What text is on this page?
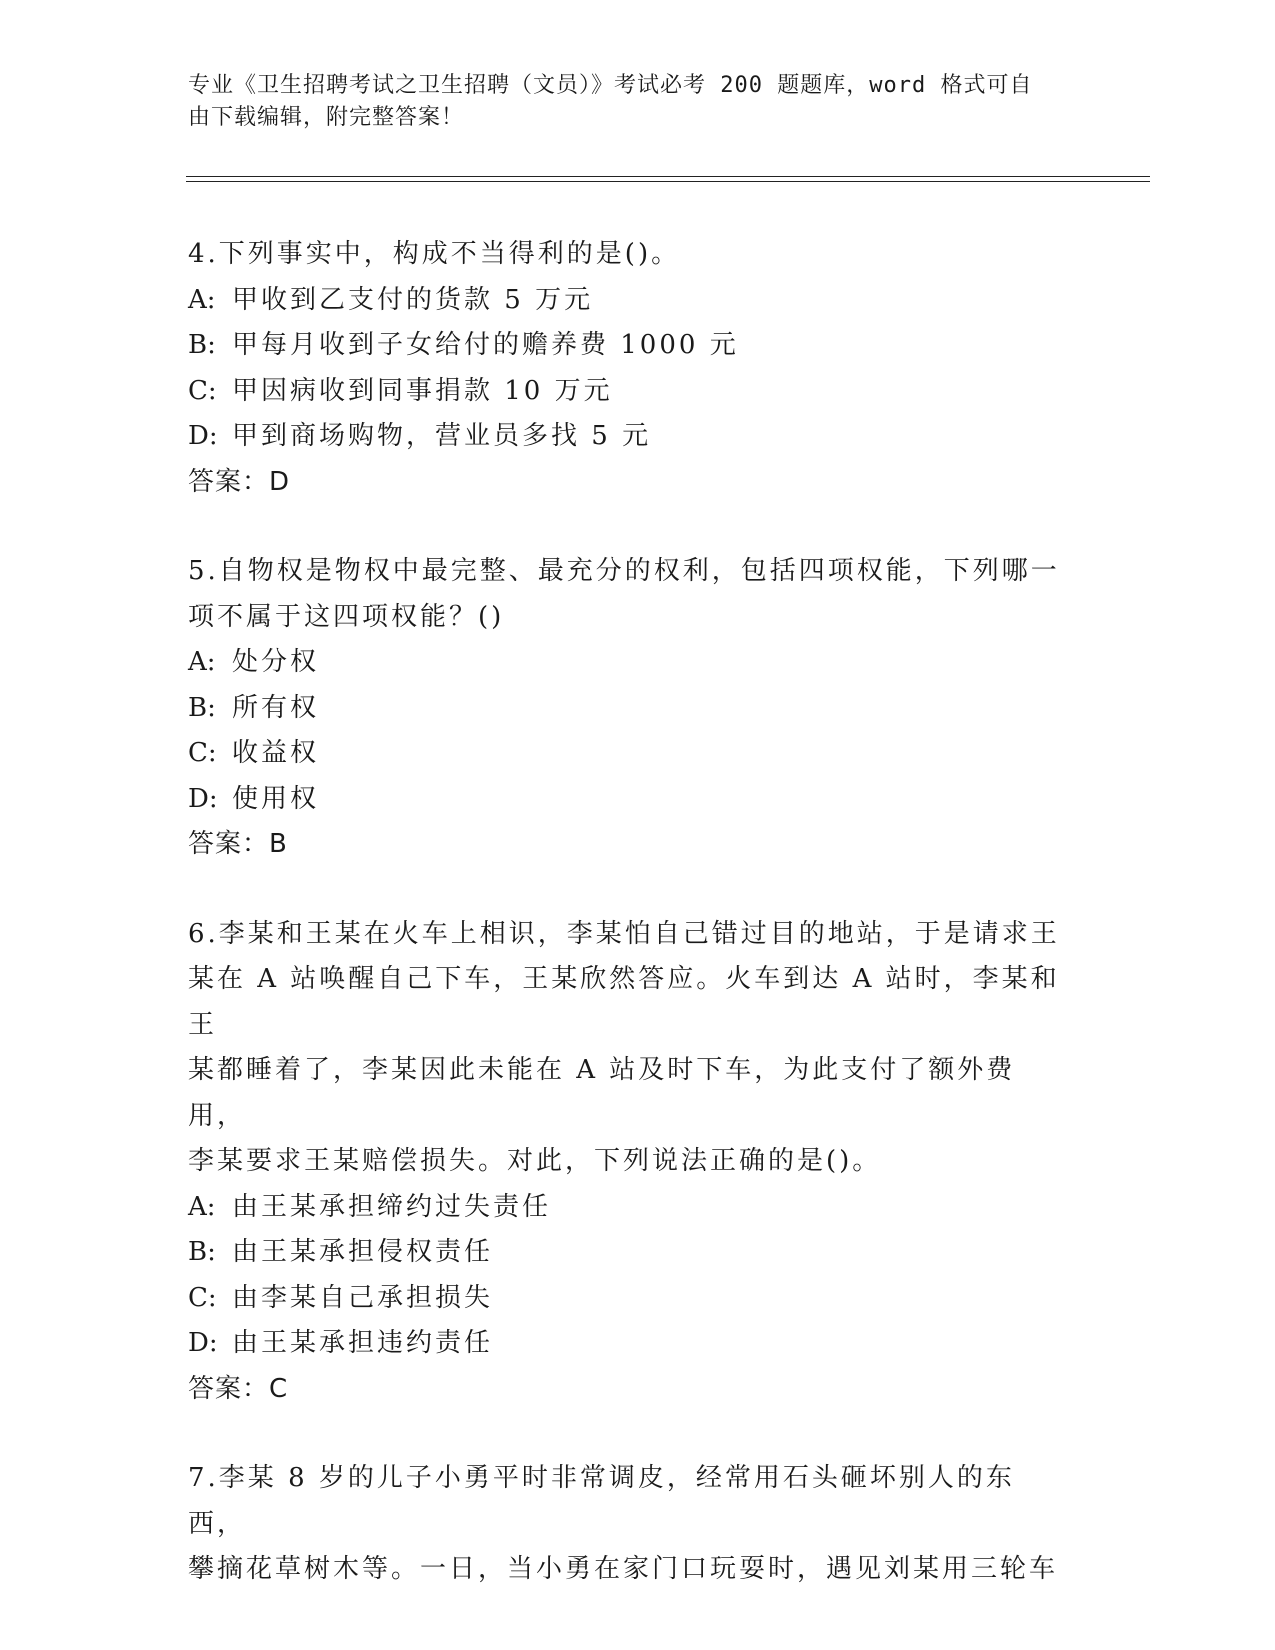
专业《卫生招聘考试之卫生招聘（文员）》考试必考 200 题题库，word 格式可自
由下载编辑，附完整答案！
4.下列事实中，构成不当得利的是()。
A: 甲收到乙支付的货款 5 万元
B: 甲每月收到子女给付的赡养费 1000 元
C: 甲因病收到同事捐款 10 万元
D: 甲到商场购物，营业员多找 5 元
答案：D
5.自物权是物权中最完整、最充分的权利，包括四项权能，下列哪一
项不属于这四项权能？()
A: 处分权
B: 所有权
C: 收益权
D: 使用权
答案：B
6.李某和王某在火车上相识，李某怕自己错过目的地站，于是请求王
某在 A 站唤醒自己下车，王某欣然答应。火车到达 A 站时，李某和王
某都睡着了，李某因此未能在 A 站及时下车，为此支付了额外费用，
李某要求王某赔偿损失。对此，下列说法正确的是()。
A: 由王某承担缔约过失责任
B: 由王某承担侵权责任
C: 由李某自己承担损失
D: 由王某承担违约责任
答案：C
7.李某 8 岁的儿子小勇平时非常调皮，经常用石头砸坏别人的东西，
攀摘花草树木等。一日，当小勇在家门口玩耍时，遇见刘某用三轮车
